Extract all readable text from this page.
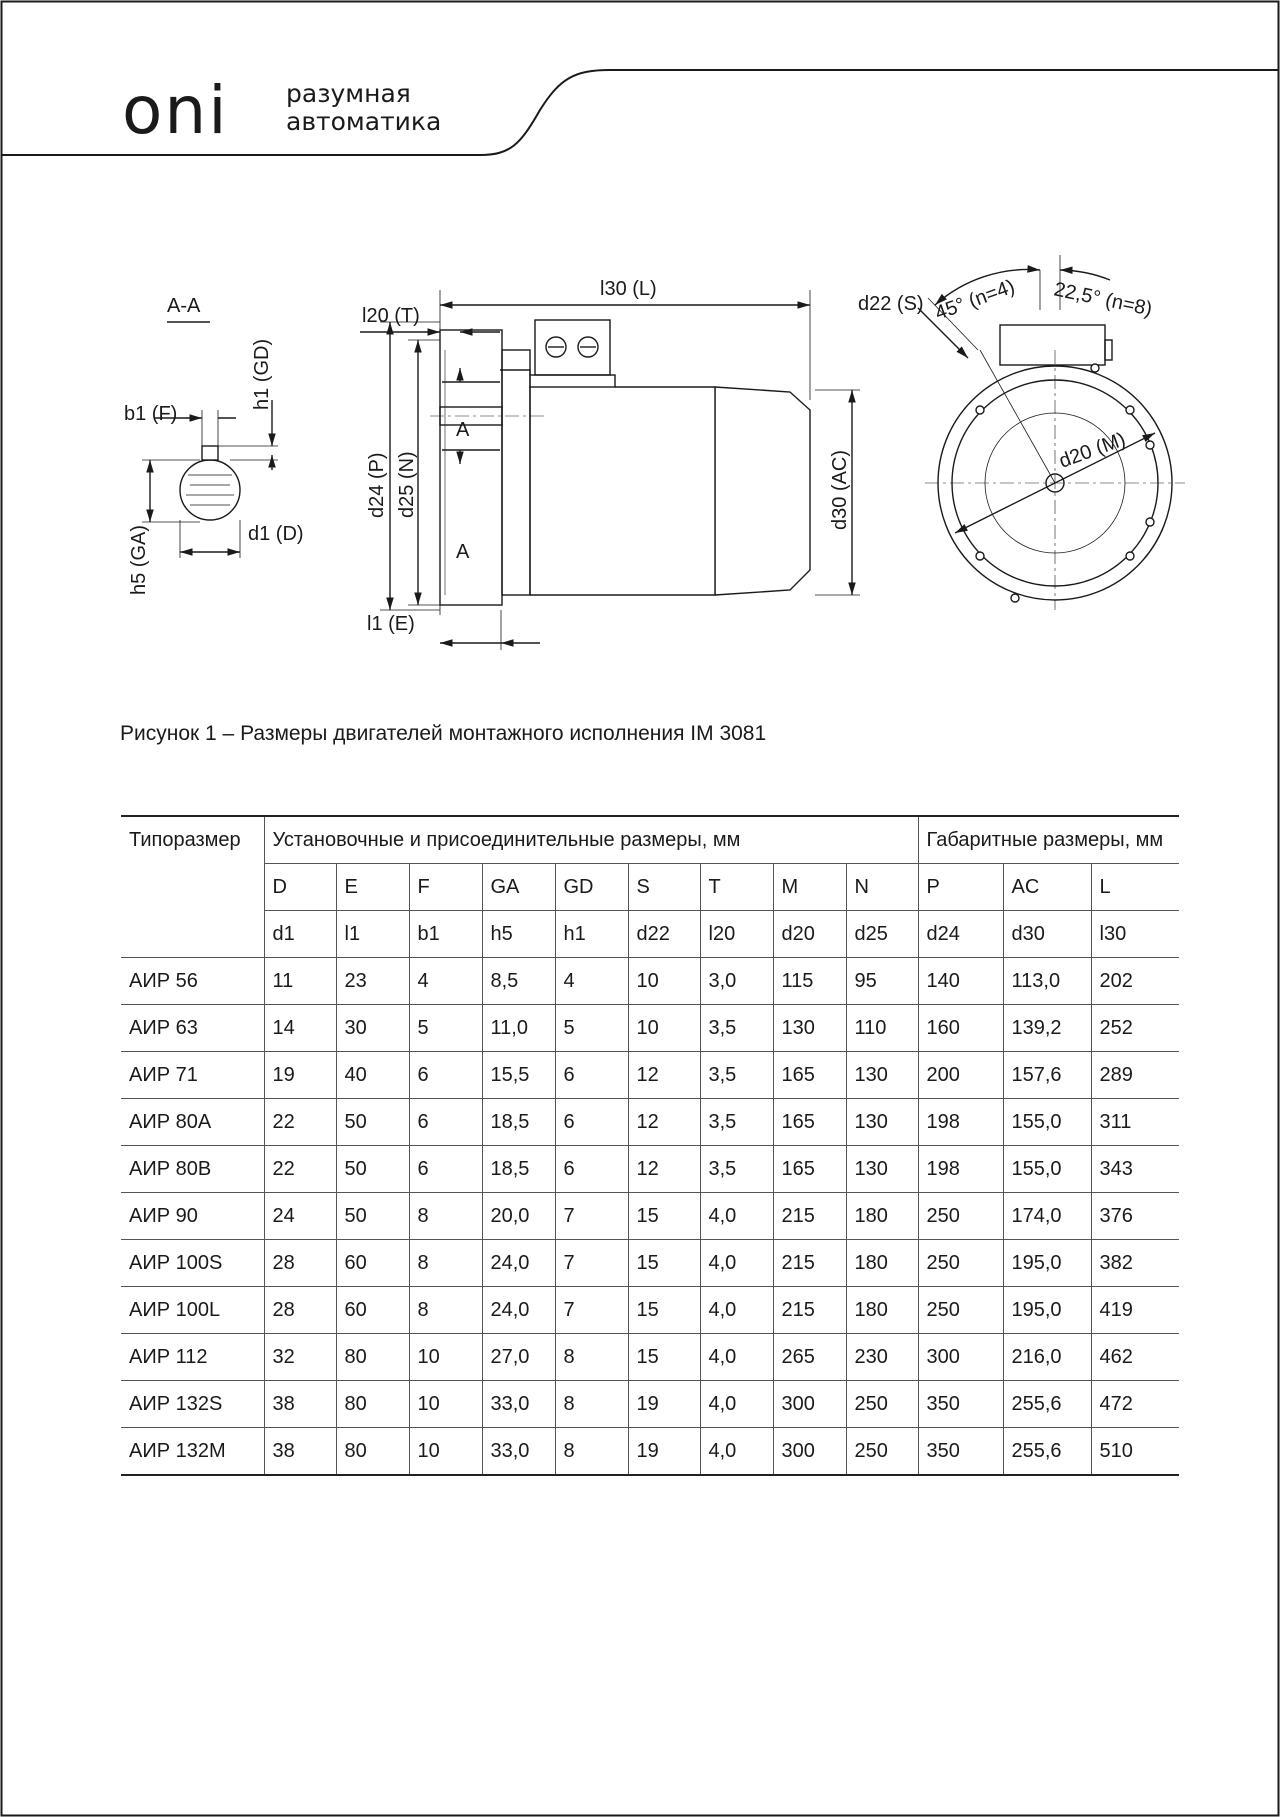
oni разумная
автоматика
A-A
b1 (F)
h1 (GD)
h5 (GA)	d1 (D)
l20 (T)
l30 (L)
d24 (P) d25 (N)
A
A
l1 (E)
d30 (AC)
d22 (S) 45° (n=4) 22,5° (n=8)
d20 (M)
Рисунок 1 – Размеры двигателей монтажного исполнения IM 3081
Типоразмер	Установочные и присоединительные размеры, мм									Габаритные размеры, мм		
	D	E	F	GA	GD	S	T	M	N	P	AC	L
	d1	l1	b1	h5	h1	d22	l20	d20	d25	d24	d30	l30
АИР 56	11	23	4	8,5	4	10	3,0	115	95	140	113,0	202
АИР 63	14	30	5	11,0	5	10	3,5	130	110	160	139,2	252
АИР 71	19	40	6	15,5	6	12	3,5	165	130	200	157,6	289
АИР 80А	22	50	6	18,5	6	12	3,5	165	130	198	155,0	311
АИР 80В	22	50	6	18,5	6	12	3,5	165	130	198	155,0	343
АИР 90	24	50	8	20,0	7	15	4,0	215	180	250	174,0	376
АИР 100S	28	60	8	24,0	7	15	4,0	215	180	250	195,0	382
АИР 100L	28	60	8	24,0	7	15	4,0	215	180	250	195,0	419
АИР 112	32	80	10	27,0	8	15	4,0	265	230	300	216,0	462
АИР 132S	38	80	10	33,0	8	19	4,0	300	250	350	255,6	472
АИР 132М	38	80	10	33,0	8	19	4,0	300	250	350	255,6	510
